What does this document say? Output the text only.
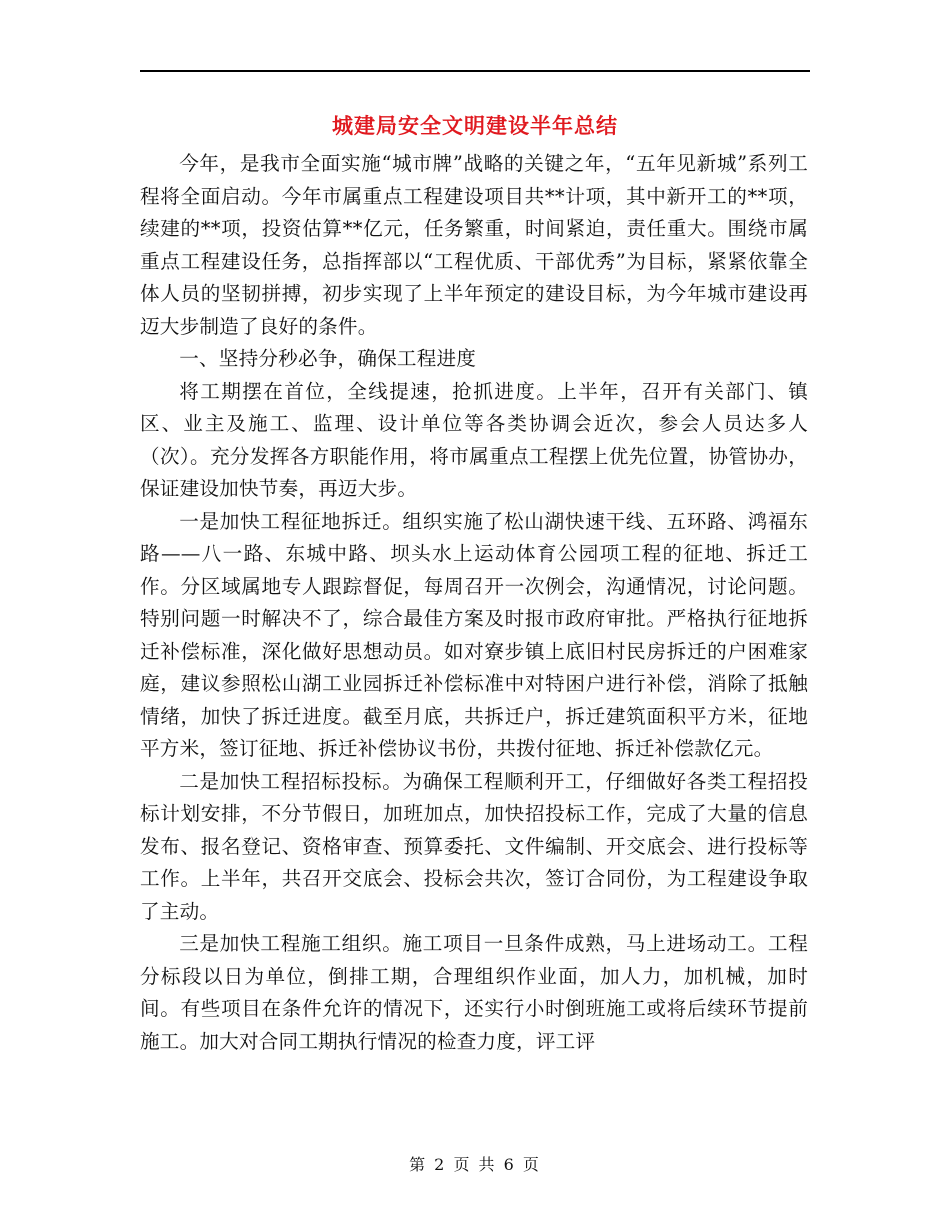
城建局安全文明建设半年总结

今年，是我市全面实施“城市牌”战略的关键之年，“五年见新城”系列工程将全面启动。今年市属重点工程建设项目共**计项，其中新开工的**项，续建的**项，投资估算**亿元，任务繁重，时间紧迫，责任重大。围绕市属重点工程建设任务，总指挥部以“工程优质、干部优秀”为目标，紧紧依靠全体人员的坚韧拼搏，初步实现了上半年预定的建设目标，为今年城市建设再迈大步制造了良好的条件。

一、坚持分秒必争，确保工程进度

将工期摆在首位，全线提速，抢抓进度。上半年，召开有关部门、镇区、业主及施工、监理、设计单位等各类协调会近次，参会人员达多人（次）。充分发挥各方职能作用，将市属重点工程摆上优先位置，协管协办，保证建设加快节奏，再迈大步。

一是加快工程征地拆迁。组织实施了松山湖快速干线、五环路、鸿福东路——八一路、东城中路、坝头水上运动体育公园项工程的征地、拆迁工作。分区域属地专人跟踪督促，每周召开一次例会，沟通情况，讨论问题。特别问题一时解决不了，综合最佳方案及时报市政府审批。严格执行征地拆迁补偿标准，深化做好思想动员。如对寮步镇上底旧村民房拆迁的户困难家庭，建议参照松山湖工业园拆迁补偿标准中对特困户进行补偿，消除了抵触情绪，加快了拆迁进度。截至月底，共拆迁户，拆迁建筑面积平方米，征地平方米，签订征地、拆迁补偿协议书份，共拨付征地、拆迁补偿款亿元。

二是加快工程招标投标。为确保工程顺利开工，仔细做好各类工程招投标计划安排，不分节假日，加班加点，加快招投标工作，完成了大量的信息发布、报名登记、资格审查、预算委托、文件编制、开交底会、进行投标等工作。上半年，共召开交底会、投标会共次，签订合同份，为工程建设争取了主动。

三是加快工程施工组织。施工项目一旦条件成熟，马上进场动工。工程分标段以日为单位，倒排工期，合理组织作业面，加人力，加机械，加时间。有些项目在条件允许的情况下，还实行小时倒班施工或将后续环节提前施工。加大对合同工期执行情况的检查力度，评工评

第 2 页 共 6 页
